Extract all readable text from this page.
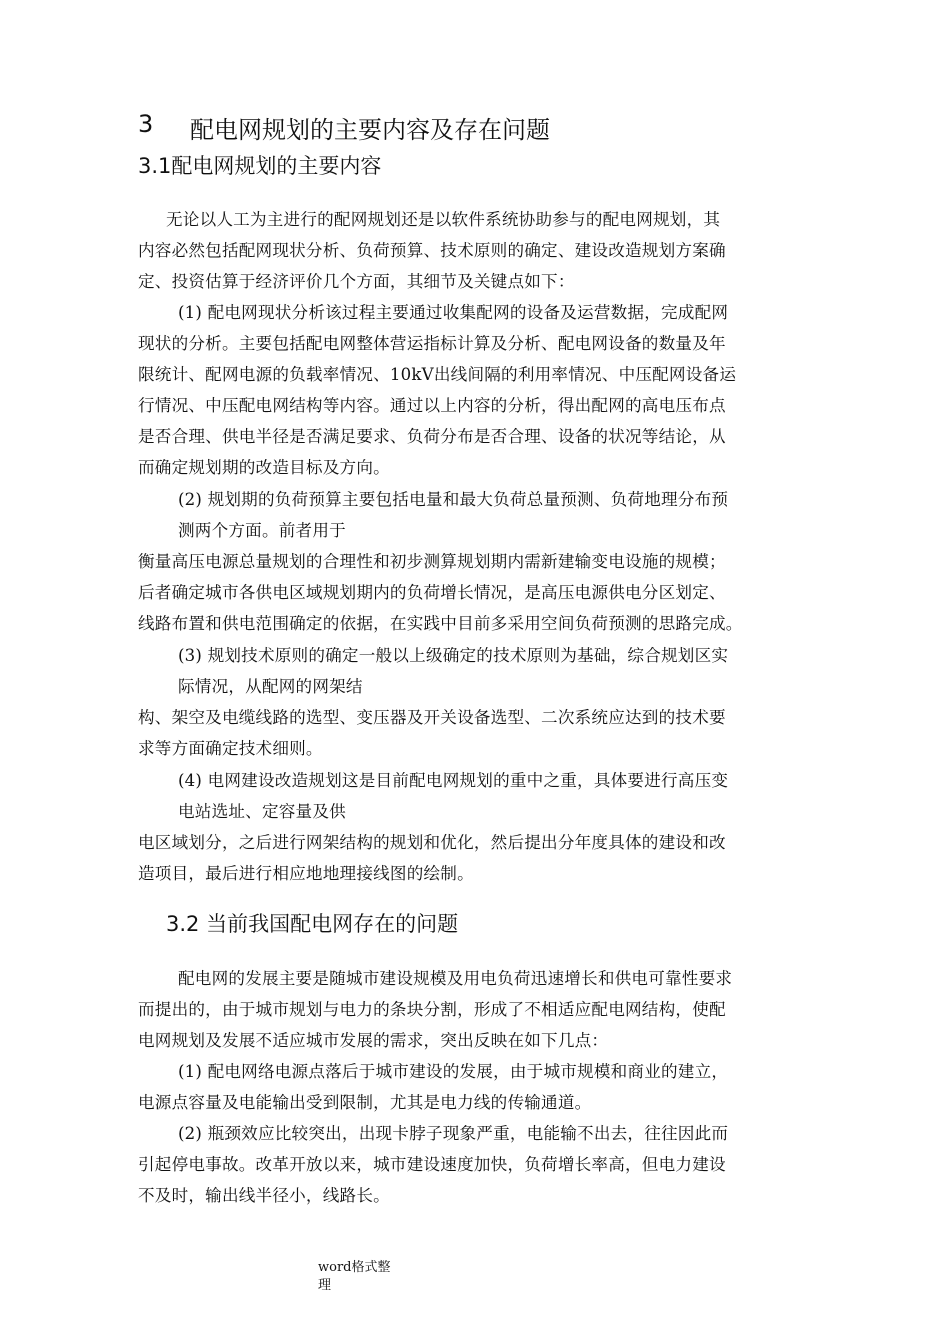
3 配电网规划的主要内容及存在问题
3.1配电网规划的主要内容
无论以人工为主进行的配网规划还是以软件系统协助参与的配电网规划，其
内容必然包括配网现状分析、负荷预算、技术原则的确定、建设改造规划方案确
定、投资估算于经济评价几个方面，其细节及关键点如下：
(1) 配电网现状分析该过程主要通过收集配网的设备及运营数据，完成配网
现状的分析。主要包括配电网整体营运指标计算及分析、配电网设备的数量及年
限统计、配网电源的负载率情况、10kV出线间隔的利用率情况、中压配网设备运
行情况、中压配电网结构等内容。通过以上内容的分析，得出配网的高电压布点
是否合理、供电半径是否满足要求、负荷分布是否合理、设备的状况等结论，从
而确定规划期的改造目标及方向。
(2) 规划期的负荷预算主要包括电量和最大负荷总量预测、负荷地理分布预
测两个方面。前者用于
衡量高压电源总量规划的合理性和初步测算规划期内需新建输变电设施的规模；
后者确定城市各供电区域规划期内的负荷增长情况，是高压电源供电分区划定、
线路布置和供电范围确定的依据，在实践中目前多采用空间负荷预测的思路完成。
(3) 规划技术原则的确定一般以上级确定的技术原则为基础，综合规划区实
际情况，从配网的网架结
构、架空及电缆线路的选型、变压器及开关设备选型、二次系统应达到的技术要
求等方面确定技术细则。
(4) 电网建设改造规划这是目前配电网规划的重中之重，具体要进行高压变
电站选址、定容量及供
电区域划分，之后进行网架结构的规划和优化，然后提出分年度具体的建设和改
造项目，最后进行相应地地理接线图的绘制。
3.2 当前我国配电网存在的问题
配电网的发展主要是随城市建设规模及用电负荷迅速增长和供电可靠性要求
而提出的，由于城市规划与电力的条块分割，形成了不相适应配电网结构，使配
电网规划及发展不适应城市发展的需求，突出反映在如下几点：
(1) 配电网络电源点落后于城市建设的发展，由于城市规模和商业的建立，
电源点容量及电能输出受到限制，尤其是电力线的传输通道。
(2) 瓶颈效应比较突出，出现卡脖子现象严重，电能输不出去，往往因此而
引起停电事故。改革开放以来，城市建设速度加快，负荷增长率高，但电力建设
不及时，输出线半径小，线路长。
word格式整
理
